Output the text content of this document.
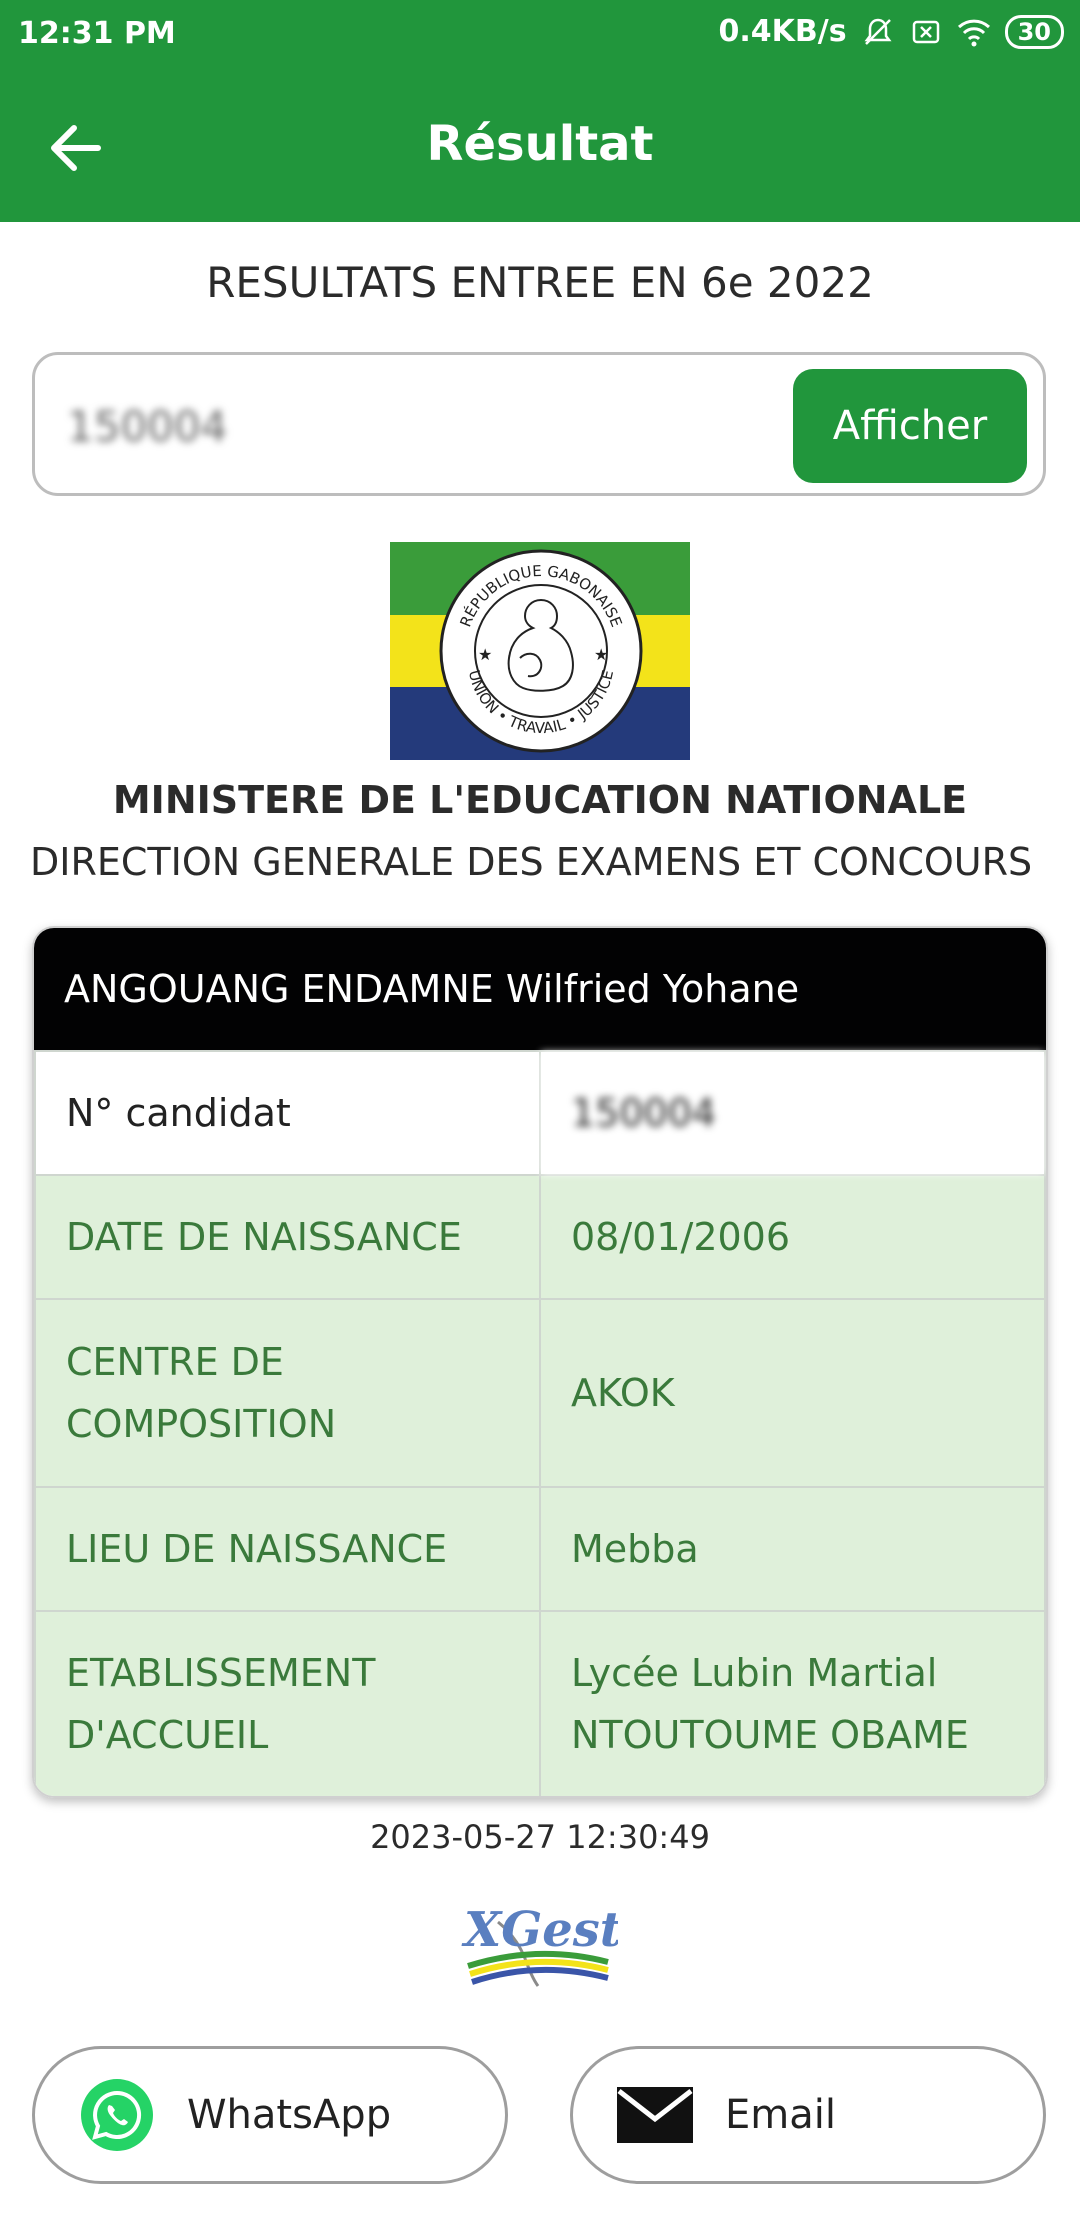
12:31 PM	0.4KB/s	30
Résultat
RESULTATS ENTREE EN 6e 2022
150004
Afficher
RÉPUBLIQUE GABONAISE
UNION • TRAVAIL • JUSTICE
★	★
MINISTERE DE L'EDUCATION NATIONALE
DIRECTION GENERALE DES EXAMENS ET CONCOURS
ANGOUANG ENDAMNE Wilfried Yohane
N° candidat	150004
DATE DE NAISSANCE	08/01/2006
CENTRE DE COMPOSITION	AKOK
LIEU DE NAISSANCE	Mebba
ETABLISSEMENT D'ACCUEIL	Lycée Lubin Martial NTOUTOUME OBAME
2023-05-27 12:30:49
XGest
WhatsApp	Email
